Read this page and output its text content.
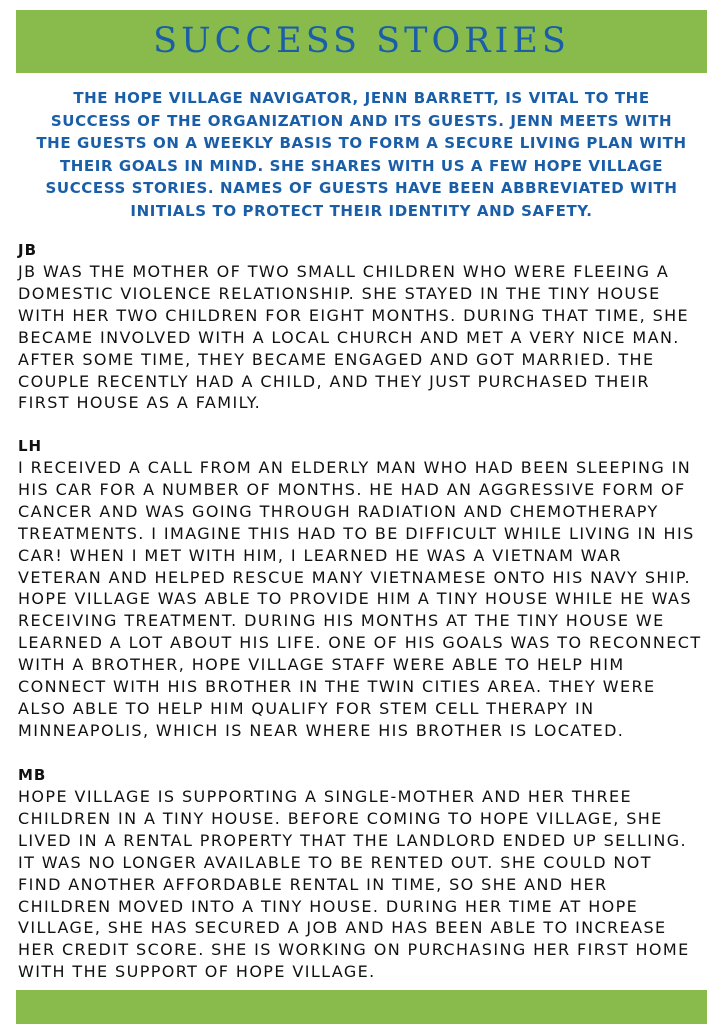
SUCCESS STORIES
THE HOPE VILLAGE NAVIGATOR, JENN BARRETT, IS VITAL TO THE
SUCCESS OF THE ORGANIZATION AND ITS GUESTS. JENN MEETS WITH
THE GUESTS ON A WEEKLY BASIS TO FORM A SECURE LIVING PLAN WITH
THEIR GOALS IN MIND. SHE SHARES WITH US A FEW HOPE VILLAGE
SUCCESS STORIES. NAMES OF GUESTS HAVE BEEN ABBREVIATED WITH
INITIALS TO PROTECT THEIR IDENTITY AND SAFETY.
JB

JB WAS THE MOTHER OF TWO SMALL CHILDREN WHO WERE FLEEING A
DOMESTIC VIOLENCE RELATIONSHIP. SHE STAYED IN THE TINY HOUSE
WITH HER TWO CHILDREN FOR EIGHT MONTHS. DURING THAT TIME, SHE
BECAME INVOLVED WITH A LOCAL CHURCH AND MET A VERY NICE MAN.
AFTER SOME TIME, THEY BECAME ENGAGED AND GOT MARRIED. THE
COUPLE RECENTLY HAD A CHILD, AND THEY JUST PURCHASED THEIR
FIRST HOUSE AS A FAMILY.

LH

I RECEIVED A CALL FROM AN ELDERLY MAN WHO HAD BEEN SLEEPING IN
HIS CAR FOR A NUMBER OF MONTHS. HE HAD AN AGGRESSIVE FORM OF
CANCER AND WAS GOING THROUGH RADIATION AND CHEMOTHERAPY
TREATMENTS. I IMAGINE THIS HAD TO BE DIFFICULT WHILE LIVING IN HIS
CAR! WHEN I MET WITH HIM, I LEARNED HE WAS A VIETNAM WAR
VETERAN AND HELPED RESCUE MANY VIETNAMESE ONTO HIS NAVY SHIP.
HOPE VILLAGE WAS ABLE TO PROVIDE HIM A TINY HOUSE WHILE HE WAS
RECEIVING TREATMENT. DURING HIS MONTHS AT THE TINY HOUSE WE
LEARNED A LOT ABOUT HIS LIFE. ONE OF HIS GOALS WAS TO RECONNECT
WITH A BROTHER, HOPE VILLAGE STAFF WERE ABLE TO HELP HIM
CONNECT WITH HIS BROTHER IN THE TWIN CITIES AREA. THEY WERE
ALSO ABLE TO HELP HIM QUALIFY FOR STEM CELL THERAPY IN
MINNEAPOLIS, WHICH IS NEAR WHERE HIS BROTHER IS LOCATED.

MB

HOPE VILLAGE IS SUPPORTING A SINGLE-MOTHER AND HER THREE
CHILDREN IN A TINY HOUSE. BEFORE COMING TO HOPE VILLAGE, SHE
LIVED IN A RENTAL PROPERTY THAT THE LANDLORD ENDED UP SELLING.
IT WAS NO LONGER AVAILABLE TO BE RENTED OUT. SHE COULD NOT
FIND ANOTHER AFFORDABLE RENTAL IN TIME, SO SHE AND HER
CHILDREN MOVED INTO A TINY HOUSE. DURING HER TIME AT HOPE
VILLAGE, SHE HAS SECURED A JOB AND HAS BEEN ABLE TO INCREASE
HER CREDIT SCORE. SHE IS WORKING ON PURCHASING HER FIRST HOME
WITH THE SUPPORT OF HOPE VILLAGE.
